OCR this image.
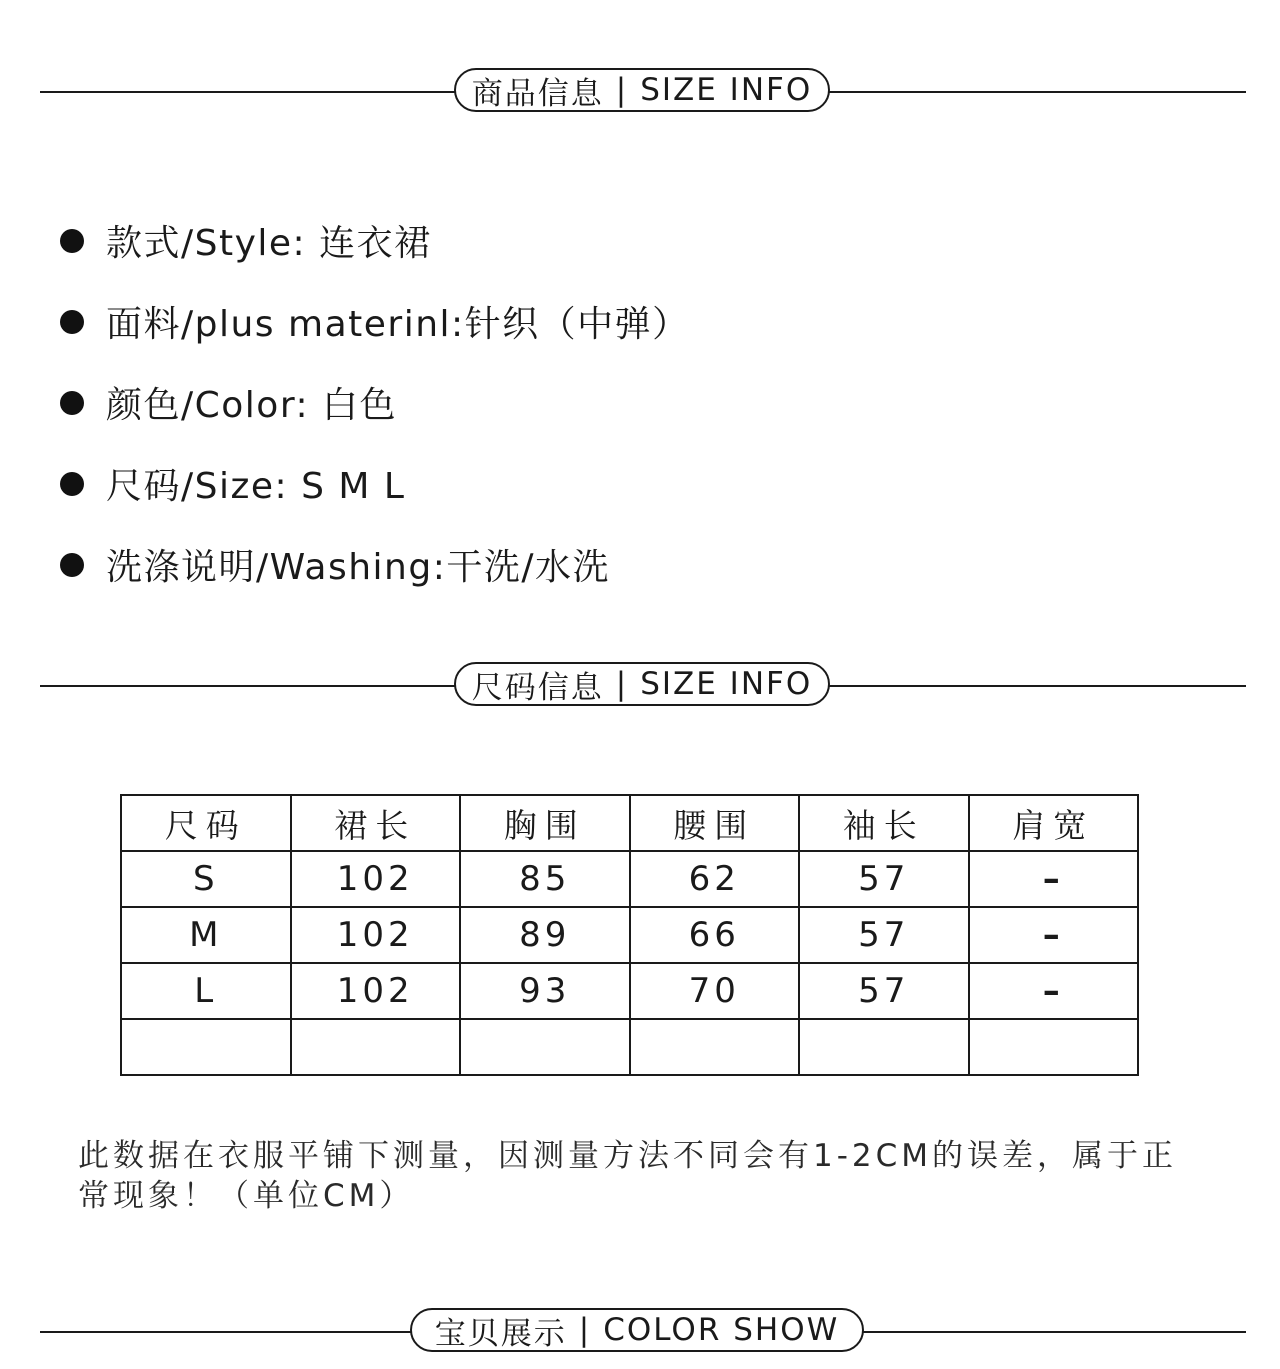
商品信息 | SIZE INFO
款式/Style: 连衣裙
面料/plus materinl:针织（中弹）
颜色/Color: 白色
尺码/Size: S M L
洗涤说明/Washing:干洗/水洗
尺码信息 | SIZE INFO
尺码	裙长	胸围	腰围	袖长	肩宽
S	102	85	62	57	–
M	102	89	66	57	–
L	102	93	70	57	–

此数据在衣服平铺下测量，因测量方法不同会有1-2CM的误差，属于正常现象！（单位CM）
宝贝展示 | COLOR SHOW
